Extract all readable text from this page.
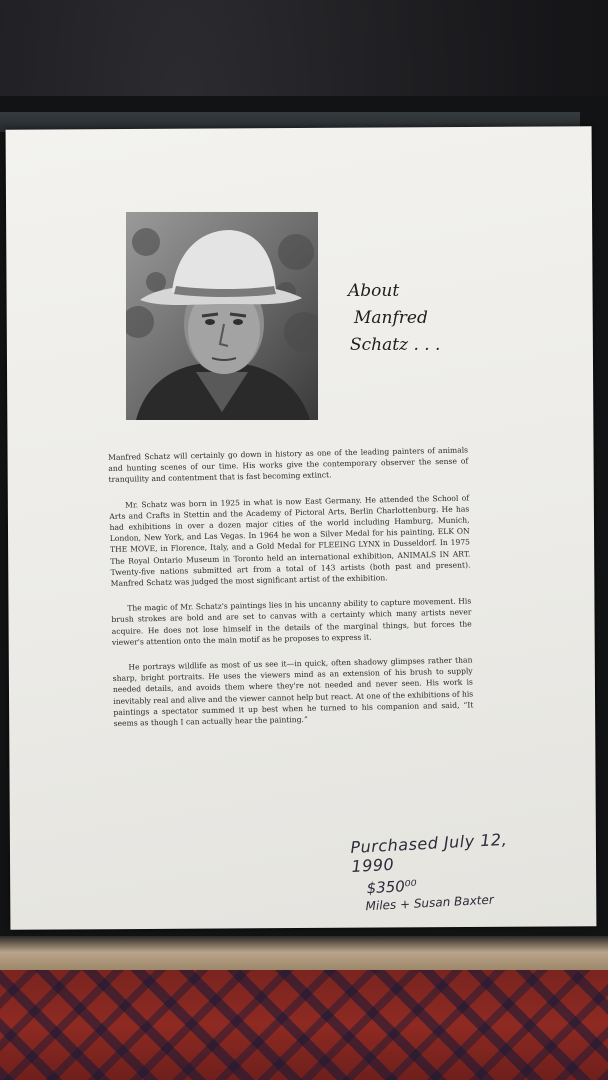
About
Manfred
Schatz . . .

Manfred Schatz will certainly go down in history as one of the leading painters of animals and hunting scenes of our time. His works give the contemporary observer the sense of tranquility and contentment that is fast becoming extinct.

Mr. Schatz was born in 1925 in what is now East Germany. He attended the School of Arts and Crafts in Stettin and the Academy of Pictoral Arts, Berlin Charlottenburg. He has had exhibitions in over a dozen major cities of the world including Hamburg, Munich, London, New York, and Las Vegas. In 1964 he won a Silver Medal for his painting, ELK ON THE MOVE, in Florence, Italy, and a Gold Medal for FLEEING LYNX in Dusseldorf. In 1975 The Royal Ontario Museum in Toronto held an international exhibition, ANIMALS IN ART. Twenty-five nations submitted art from a total of 143 artists (both past and present). Manfred Schatz was judged the most significant artist of the exhibition.

The magic of Mr. Schatz's paintings lies in his uncanny ability to capture movement. His brush strokes are bold and are set to canvas with a certainty which many artists never acquire. He does not lose himself in the details of the marginal things, but forces the viewer's attention onto the main motif as he proposes to express it.

He portrays wildlife as most of us see it—in quick, often shadowy glimpses rather than sharp, bright portraits. He uses the viewers mind as an extension of his brush to supply needed details, and avoids them where they're not needed and never seen. His work is inevitably real and alive and the viewer cannot help but react. At one of the exhibitions of his paintings a spectator summed it up best when he turned to his companion and said, “It seems as though I can actually hear the painting.”

Purchased July 12, 1990
$350⁰⁰
Miles + Susan Baxter
